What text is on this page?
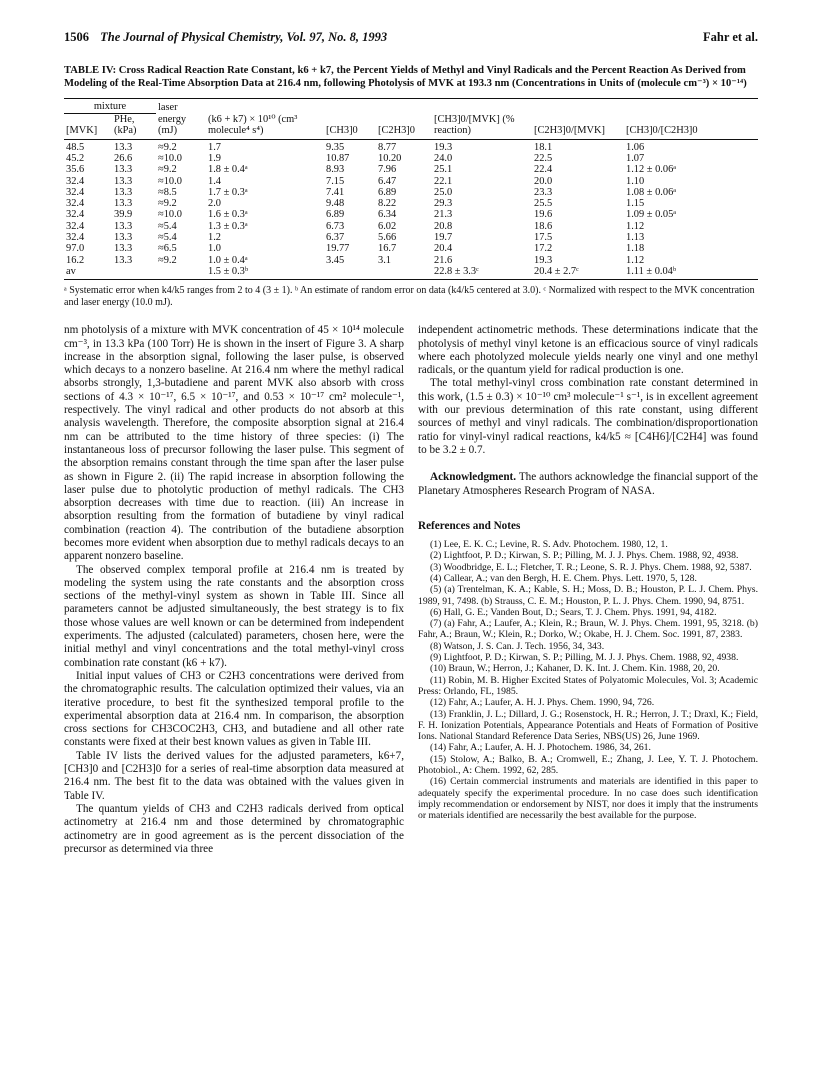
1506 The Journal of Physical Chemistry, Vol. 97, No. 8, 1993	Fahr et al.
TABLE IV: Cross Radical Reaction Rate Constant, k6 + k7, the Percent Yields of Methyl and Vinyl Radicals and the Percent Reaction As Derived from Modeling of the Real-Time Absorption Data at 216.4 nm, following Photolysis of MVK at 193.3 nm (Concentrations in Units of (molecule cm⁻³) × 10⁻¹⁴)
mixture		laser						
[MVK]	PHe, (kPa)	energy (mJ)	(k6 + k7) × 10¹⁰ (cm³ molecule⁴ s⁴)	[CH3]0	[C2H3]0	[CH3]0/[MVK] (% reaction)	[C2H3]0/[MVK]	[CH3]0/[C2H3]0
48.5	13.3	≈9.2	1.7	9.35	8.77	19.3	18.1	1.06
45.2	26.6	≈10.0	1.9	10.87	10.20	24.0	22.5	1.07
35.6	13.3	≈9.2	1.8 ± 0.4ᵃ	8.93	7.96	25.1	22.4	1.12 ± 0.06ᵃ
32.4	13.3	≈10.0	1.4	7.15	6.47	22.1	20.0	1.10
32.4	13.3	≈8.5	1.7 ± 0.3ᵃ	7.41	6.89	25.0	23.3	1.08 ± 0.06ᵃ
32.4	13.3	≈9.2	2.0	9.48	8.22	29.3	25.5	1.15
32.4	39.9	≈10.0	1.6 ± 0.3ᵃ	6.89	6.34	21.3	19.6	1.09 ± 0.05ᵃ
32.4	13.3	≈5.4	1.3 ± 0.3ᵃ	6.73	6.02	20.8	18.6	1.12
32.4	13.3	≈5.4	1.2	6.37	5.66	19.7	17.5	1.13
97.0	13.3	≈6.5	1.0	19.77	16.7	20.4	17.2	1.18
16.2	13.3	≈9.2	1.0 ± 0.4ᵃ	3.45	3.1	21.6	19.3	1.12
av			1.5 ± 0.3ᵇ			22.8 ± 3.3ᶜ	20.4 ± 2.7ᶜ	1.11 ± 0.04ᵇ
ᵃ Systematic error when k4/k5 ranges from 2 to 4 (3 ± 1). ᵇ An estimate of random error on data (k4/k5 centered at 3.0). ᶜ Normalized with respect to the MVK concentration and laser energy (10.0 mJ).

nm photolysis of a mixture with MVK concentration of 45 × 10¹⁴ molecule cm⁻³, in 13.3 kPa (100 Torr) He is shown in the insert of Figure 3. A sharp increase in the absorption signal, following the laser pulse, is observed which decays to a nonzero baseline. At 216.4 nm where the methyl radical absorbs strongly, 1,3-butadiene and parent MVK also absorb with cross sections of 4.3 × 10⁻¹⁷, 6.5 × 10⁻¹⁷, and 0.53 × 10⁻¹⁷ cm² molecule⁻¹, respectively. The vinyl radical and other products do not absorb at this analysis wavelength. Therefore, the composite absorption signal at 216.4 nm can be attributed to the time history of three species: (i) The instantaneous loss of precursor following the laser pulse. This segment of the absorption remains constant through the time span after the laser pulse as shown in Figure 2. (ii) The rapid increase in absorption following the laser pulse due to photolytic production of methyl radicals. The CH3 absorption decreases with time due to reaction. (iii) An increase in absorption resulting from the formation of butadiene by vinyl radical combination (reaction 4). The contribution of the butadiene absorption becomes more evident when absorption due to methyl radicals decays to an apparent nonzero baseline.

The observed complex temporal profile at 216.4 nm is treated by modeling the system using the rate constants and the absorption cross sections of the methyl-vinyl system as shown in Table III. Since all parameters cannot be adjusted simultaneously, the best strategy is to fix those whose values are well known or can be determined from independent experiments. The adjusted (calculated) parameters, chosen here, were the initial methyl and vinyl concentrations and the total methyl-vinyl cross combination rate constant (k6 + k7).

Initial input values of CH3 or C2H3 concentrations were derived from the chromatographic results. The calculation optimized their values, via an iterative procedure, to best fit the synthesized temporal profile to the experimental absorption data at 216.4 nm. In comparison, the absorption cross sections for CH3COC2H3, CH3, and butadiene and all other rate constants were fixed at their best known values as given in Table III.

Table IV lists the derived values for the adjusted parameters, k6+7, [CH3]0 and [C2H3]0 for a series of real-time absorption data measured at 216.4 nm. The best fit to the data was obtained with the values given in Table IV.

The quantum yields of CH3 and C2H3 radicals derived from optical actinometry at 216.4 nm and those determined by chromatographic actinometry are in good agreement as is the percent dissociation of the precursor as determined via three

independent actinometric methods. These determinations indicate that the photolysis of methyl vinyl ketone is an efficacious source of vinyl radicals where each photolyzed molecule yields nearly one vinyl and one methyl radicals, or the quantum yield for radical production is one.

The total methyl-vinyl cross combination rate constant determined in this work, (1.5 ± 0.3) × 10⁻¹⁰ cm³ molecule⁻¹ s⁻¹, is in excellent agreement with our previous determination of this rate constant, using different sources of methyl and vinyl radicals. The combination/disproportionation ratio for vinyl-vinyl radical reactions, k4/k5 ≈ [C4H6]/[C2H4] was found to be 3.2 ± 0.7.

Acknowledgment. The authors acknowledge the financial support of the Planetary Atmospheres Research Program of NASA.

References and Notes
(1) Lee, E. K. C.; Levine, R. S. Adv. Photochem. 1980, 12, 1.
(2) Lightfoot, P. D.; Kirwan, S. P.; Pilling, M. J. J. Phys. Chem. 1988, 92, 4938.
(3) Woodbridge, E. L.; Fletcher, T. R.; Leone, S. R. J. Phys. Chem. 1988, 92, 5387.
(4) Callear, A.; van den Bergh, H. E. Chem. Phys. Lett. 1970, 5, 128.
(5) (a) Trentelman, K. A.; Kable, S. H.; Moss, D. B.; Houston, P. L. J. Chem. Phys. 1989, 91, 7498. (b) Strauss, C. E. M.; Houston, P. L. J. Phys. Chem. 1990, 94, 8751.
(6) Hall, G. E.; Vanden Bout, D.; Sears, T. J. Chem. Phys. 1991, 94, 4182.
(7) (a) Fahr, A.; Laufer, A.; Klein, R.; Braun, W. J. Phys. Chem. 1991, 95, 3218. (b) Fahr, A.; Braun, W.; Klein, R.; Dorko, W.; Okabe, H. J. Chem. Soc. 1991, 87, 2383.
(8) Watson, J. S. Can. J. Tech. 1956, 34, 343.
(9) Lightfoot, P. D.; Kirwan, S. P.; Pilling, M. J. J. Phys. Chem. 1988, 92, 4938.
(10) Braun, W.; Herron, J.; Kahaner, D. K. Int. J. Chem. Kin. 1988, 20, 20.
(11) Robin, M. B. Higher Excited States of Polyatomic Molecules, Vol. 3; Academic Press: Orlando, FL, 1985.
(12) Fahr, A.; Laufer, A. H. J. Phys. Chem. 1990, 94, 726.
(13) Franklin, J. L.; Dillard, J. G.; Rosenstock, H. R.; Herron, J. T.; Draxl, K.; Field, F. H. Ionization Potentials, Appearance Potentials and Heats of Formation of Positive Ions. National Standard Reference Data Series, NBS(US) 26, June 1969.
(14) Fahr, A.; Laufer, A. H. J. Photochem. 1986, 34, 261.
(15) Stolow, A.; Balko, B. A.; Cromwell, E.; Zhang, J. Lee, Y. T. J. Photochem. Photobiol., A: Chem. 1992, 62, 285.
(16) Certain commercial instruments and materials are identified in this paper to adequately specify the experimental procedure. In no case does such identification imply recommendation or endorsement by NIST, nor does it imply that the instruments or materials identified are necessarily the best available for the purpose.
